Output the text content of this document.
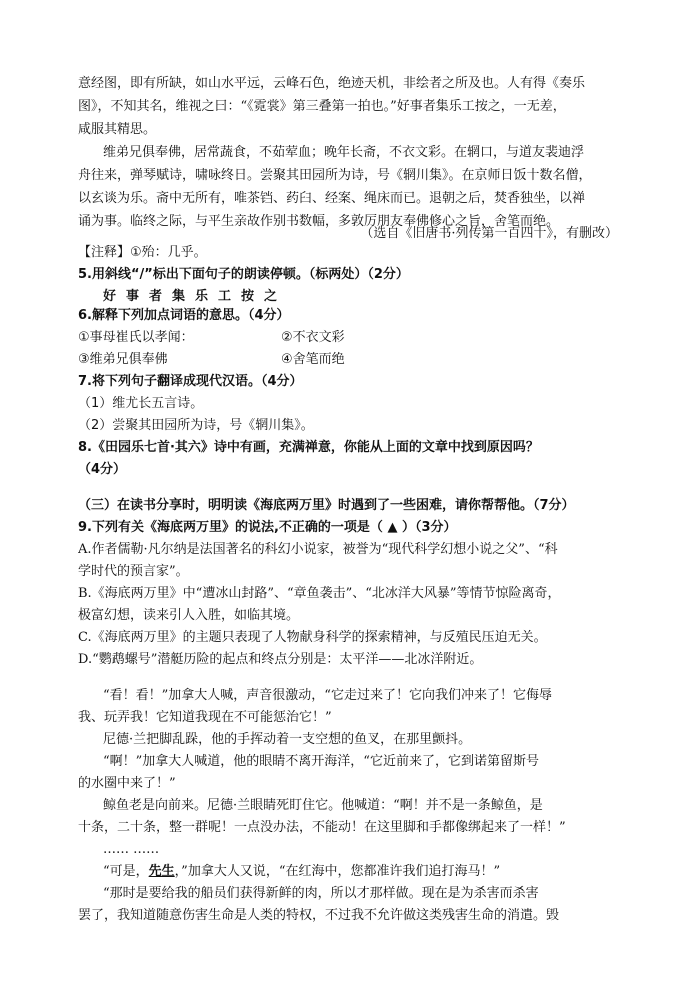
意经图，即有所缺，如山水平远，云峰石色，绝迹天机，非绘者之所及也。人有得《奏乐
图》，不知其名，维视之曰：“《霓裳》第三叠第一拍也。”好事者集乐工按之，一无差，
咸服其精思。
维弟兄俱奉佛，居常蔬食，不茹荤血；晚年长斋，不衣文彩。在辋口，与道友裴迪浮
舟往来，弹琴赋诗，啸咏终日。尝聚其田园所为诗，号《辋川集》。在京师日饭十数名僧，
以玄谈为乐。斋中无所有，唯茶铛、药臼、经案、绳床而已。退朝之后，焚香独坐，以禅
诵为事。临终之际，与平生亲故作别书数幅，多敦厉朋友奉佛修心之旨，舍笔而绝。
（选自《旧唐书·列传第一百四十》，有删改）
【注释】①殆：几乎。
5.用斜线“/”标出下面句子的朗读停顿。（标两处）（2分）
好事者集乐工按之
6.解释下列加点词语的意思。（4分）
①事母崔氏以孝闻：	②不衣文彩
③维弟兄俱奉佛	④舍笔而绝
7.将下列句子翻译成现代汉语。（4分）
（1）维尤长五言诗。
（2）尝聚其田园所为诗，号《辋川集》。
8.《田园乐七首·其六》诗中有画，充满禅意，你能从上面的文章中找到原因吗？
（4分）
（三）在读书分享时，明明读《海底两万里》时遇到了一些困难，请你帮帮他。（7分）
9.下列有关《海底两万里》的说法,不正确的一项是（ ▲ ）（3分）
A.作者儒勒·凡尔纳是法国著名的科幻小说家，被誉为“现代科学幻想小说之父”、“科
学时代的预言家”。
B.《海底两万里》中“遭冰山封路”、“章鱼袭击”、“北冰洋大风暴”等情节惊险离奇，
极富幻想，读来引人入胜，如临其境。
C.《海底两万里》的主题只表现了人物献身科学的探索精神，与反殖民压迫无关。
D.“鹦鹉螺号”潜艇历险的起点和终点分别是：太平洋——北冰洋附近。
“看！看！”加拿大人喊，声音很激动，“它走过来了！它向我们冲来了！它侮辱
我、玩弄我！它知道我现在不可能惩治它！”
尼德·兰把脚乱跺，他的手挥动着一支空想的鱼叉，在那里颤抖。
“啊！”加拿大人喊道，他的眼睛不离开海洋，“它近前来了，它到诺第留斯号
的水圈中来了！”
鲸鱼老是向前来。尼德·兰眼睛死盯住它。他喊道：“啊！并不是一条鲸鱼，是
十条，二十条，整一群呢！一点没办法，不能动！在这里脚和手都像绑起来了一样！”
…… ……
“可是，先生，”加拿大人又说，“在红海中，您都准许我们追打海马！”
“那时是要给我的船员们获得新鲜的肉，所以才那样做。现在是为杀害而杀害
罢了，我知道随意伤害生命是人类的特权，不过我不允许做这类残害生命的消遣。毁
